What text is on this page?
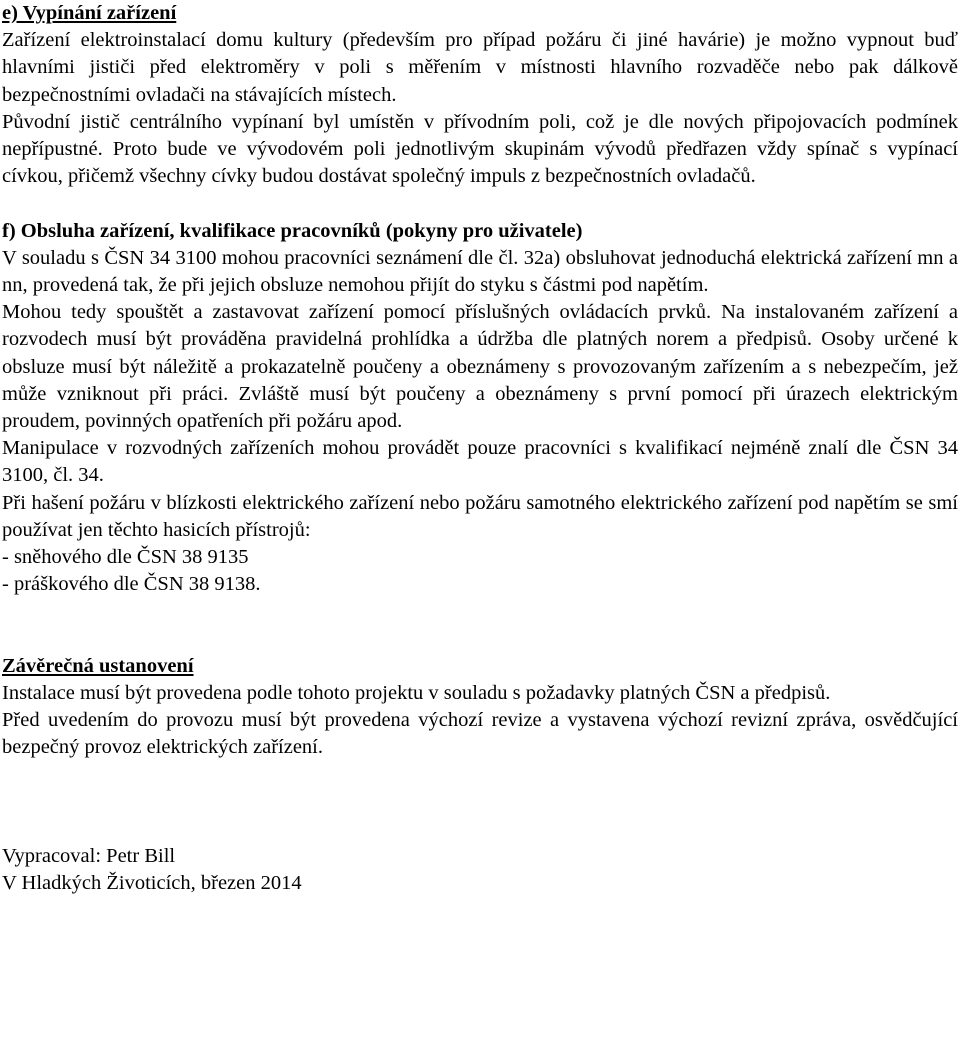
e) Vypínání zařízení

Zařízení elektroinstalací domu kultury (především pro případ požáru či jiné havárie) je možno vypnout buď hlavními jističi před elektroměry v poli s měřením v místnosti hlavního rozvaděče nebo pak dálkově bezpečnostními ovladači na stávajících místech.

Původní jistič centrálního vypínaní byl umístěn v přívodním poli, což je dle nových připojovacích podmínek nepřípustné. Proto bude ve vývodovém poli jednotlivým skupinám vývodů předřazen vždy spínač s vypínací cívkou, přičemž všechny cívky budou dostávat společný impuls z bezpečnostních ovladačů.

f) Obsluha zařízení, kvalifikace pracovníků (pokyny pro uživatele)

V souladu s ČSN 34 3100 mohou pracovníci seznámení dle čl. 32a) obsluhovat jednoduchá elektrická zařízení mn a nn, provedená tak, že při jejich obsluze nemohou přijít do styku s částmi pod napětím.

Mohou tedy spouštět a zastavovat zařízení pomocí příslušných ovládacích prvků. Na instalovaném zařízení a rozvodech musí být prováděna pravidelná prohlídka a údržba dle platných norem a předpisů. Osoby určené k obsluze musí být náležitě a prokazatelně poučeny a obeznámeny s provozovaným zařízením a s nebezpečím, jež může vzniknout při práci. Zvláště musí být poučeny a obeznámeny s první pomocí při úrazech elektrickým proudem, povinných opatřeních při požáru apod.

Manipulace v rozvodných zařízeních mohou provádět pouze pracovníci s kvalifikací nejméně znalí dle ČSN 34 3100, čl. 34.

Při hašení požáru v blízkosti elektrického zařízení nebo požáru samotného elektrického zařízení pod napětím se smí používat jen těchto hasicích přístrojů:

- sněhového dle ČSN 38 9135

- práškového dle ČSN 38 9138.

Závěrečná ustanovení

Instalace musí být provedena podle tohoto projektu v souladu s požadavky platných ČSN a předpisů.

Před uvedením do provozu musí být provedena výchozí revize a vystavena výchozí revizní zpráva, osvědčující bezpečný provoz elektrických zařízení.

Vypracoval: Petr Bill

V Hladkých Životicích, březen 2014
